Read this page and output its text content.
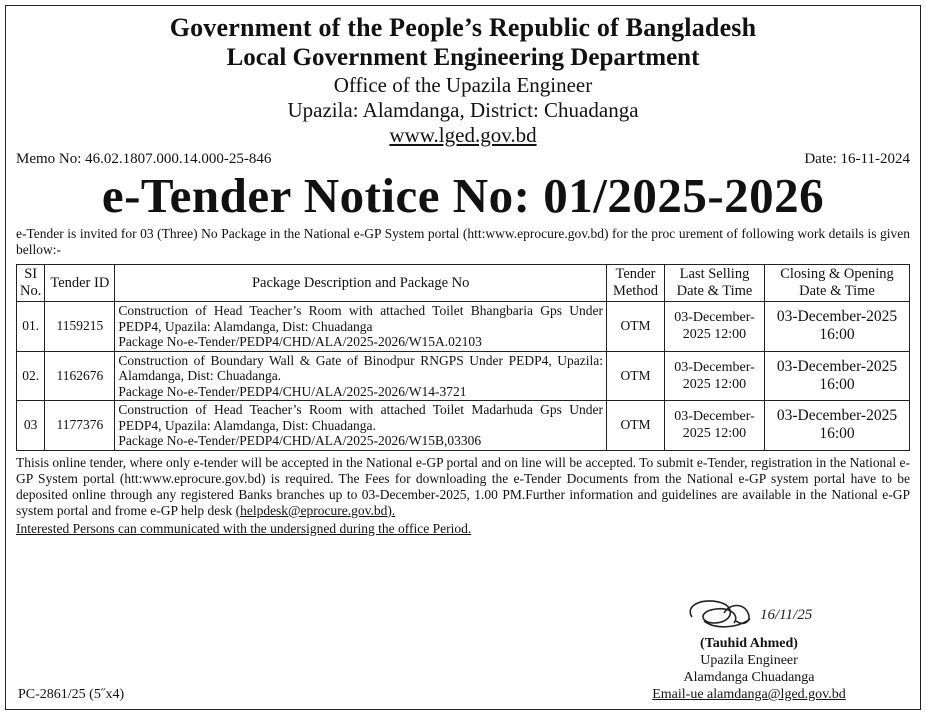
Government of the People’s Republic of Bangladesh
Local Government Engineering Department
Office of the Upazila Engineer
Upazila: Alamdanga, District: Chuadanga
www.lged.gov.bd
Memo No: 46.02.1807.000.14.000-25-846	Date: 16-11-2024
e-Tender Notice No: 01/2025-2026
e-Tender is invited for 03 (Three) No Package in the National e-GP System portal (htt:www.eprocure.gov.bd) for the proc urement of following work details is given bellow:-
SI No.	Tender ID	Package Description and Package No	Tender Method	Last Selling Date & Time	Closing & Opening Date & Time
01.	1159215	Construction of Head Teacher’s Room with attached Toilet Bhangbaria Gps Under PEDP4, Upazila: Alamdanga, Dist: Chuadanga
Package No-e-Tender/PEDP4/CHD/ALA/2025-2026/W15A.02103	OTM	03-December-2025 12:00	03-December-2025 16:00
02.	1162676	Construction of Boundary Wall & Gate of Binodpur RNGPS Under PEDP4, Upazila: Alamdanga, Dist: Chuadanga.
Package No-e-Tender/PEDP4/CHU/ALA/2025-2026/W14-3721	OTM	03-December-2025 12:00	03-December-2025 16:00
03	1177376	Construction of Head Teacher’s Room with attached Toilet Madarhuda Gps Under PEDP4, Upazila: Alamdanga, Dist: Chuadanga.
Package No-e-Tender/PEDP4/CHD/ALA/2025-2026/W15B,03306	OTM	03-December-2025 12:00	03-December-2025 16:00
Thisis online tender, where only e-tender will be accepted in the National e-GP portal and on line will be accepted. To submit e-Tender, registration in the National e-GP System portal (htt:www.eprocure.gov.bd) is required. The Fees for downloading the e-Tender Documents from the National e-GP system portal have to be deposited online through any registered Banks branches up to 03-December-2025, 1.00 PM.Further information and guidelines are available in the National e-GP system portal and frome e-GP help desk (helpdesk@eprocure.gov.bd).
Interested Persons can communicated with the undersigned during the office Period.
16/11/25
(Tauhid Ahmed)
Upazila Engineer
Alamdanga Chuadanga
Email-ue alamdanga@lged.gov.bd
PC-2861/25 (5˝x4)
